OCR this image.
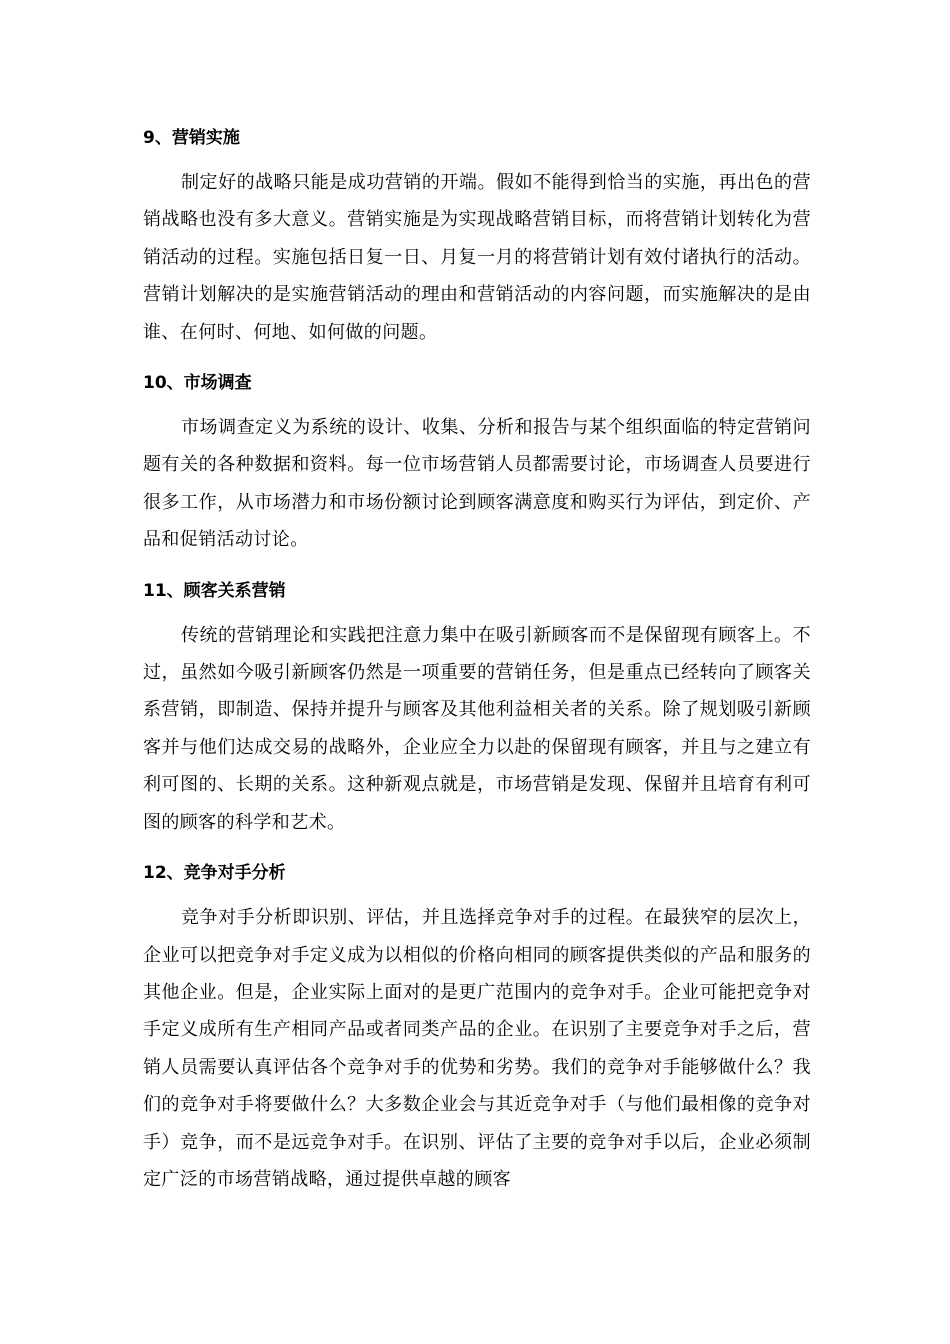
9、营销实施

制定好的战略只能是成功营销的开端。假如不能得到恰当的实施，再出色的营销战略也没有多大意义。营销实施是为实现战略营销目标，而将营销计划转化为营销活动的过程。实施包括日复一日、月复一月的将营销计划有效付诸执行的活动。营销计划解决的是实施营销活动的理由和营销活动的内容问题，而实施解决的是由谁、在何时、何地、如何做的问题。

10、市场调查

市场调查定义为系统的设计、收集、分析和报告与某个组织面临的特定营销问题有关的各种数据和资料。每一位市场营销人员都需要讨论，市场调查人员要进行很多工作，从市场潜力和市场份额讨论到顾客满意度和购买行为评估，到定价、产品和促销活动讨论。

11、顾客关系营销

传统的营销理论和实践把注意力集中在吸引新顾客而不是保留现有顾客上。不过，虽然如今吸引新顾客仍然是一项重要的营销任务，但是重点已经转向了顾客关系营销，即制造、保持并提升与顾客及其他利益相关者的关系。除了规划吸引新顾客并与他们达成交易的战略外，企业应全力以赴的保留现有顾客，并且与之建立有利可图的、长期的关系。这种新观点就是，市场营销是发现、保留并且培育有利可图的顾客的科学和艺术。

12、竞争对手分析

竞争对手分析即识别、评估，并且选择竞争对手的过程。在最狭窄的层次上，企业可以把竞争对手定义成为以相似的价格向相同的顾客提供类似的产品和服务的其他企业。但是，企业实际上面对的是更广范围内的竞争对手。企业可能把竞争对手定义成所有生产相同产品或者同类产品的企业。在识别了主要竞争对手之后，营销人员需要认真评估各个竞争对手的优势和劣势。我们的竞争对手能够做什么？我们的竞争对手将要做什么？大多数企业会与其近竞争对手（与他们最相像的竞争对手）竞争，而不是远竞争对手。在识别、评估了主要的竞争对手以后，企业必须制定广泛的市场营销战略，通过提供卓越的顾客
